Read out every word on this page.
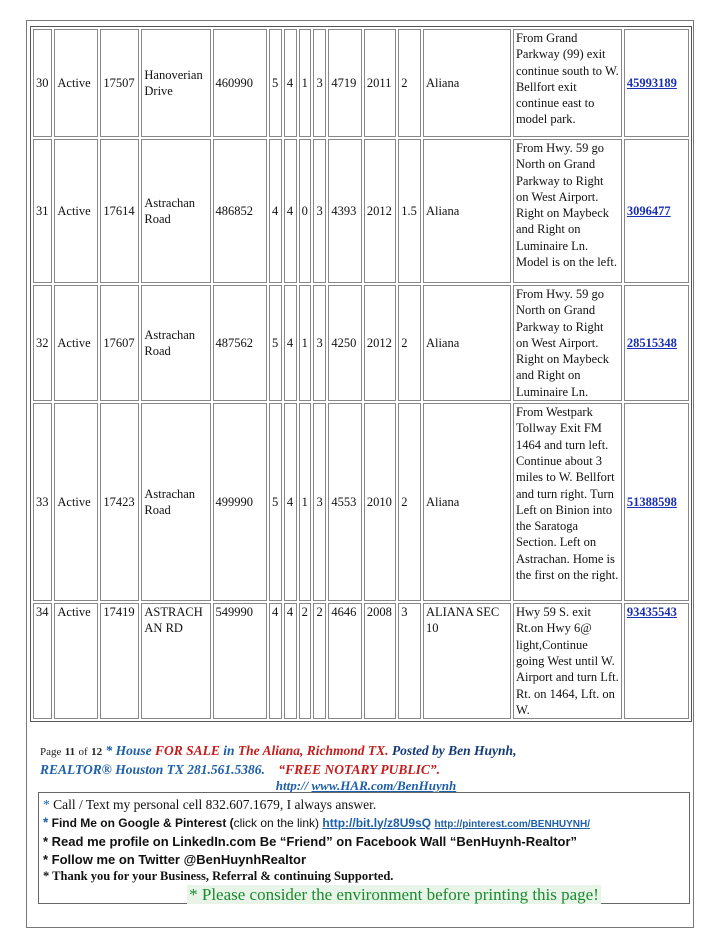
30	Active	17507	Hanoverian Drive	460990	5	4	1	3	4719	2011	2	Aliana	From Grand Parkway (99) exit continue south to W. Bellfort exit continue east to model park.	45993189
31	Active	17614	Astrachan Road	486852	4	4	0	3	4393	2012	1.5	Aliana	From Hwy. 59 go North on Grand Parkway to Right on West Airport. Right on Maybeck and Right on Luminaire Ln. Model is on the left.	3096477
32	Active	17607	Astrachan Road	487562	5	4	1	3	4250	2012	2	Aliana	From Hwy. 59 go North on Grand Parkway to Right on West Airport. Right on Maybeck and Right on Luminaire Ln.	28515348
33	Active	17423	Astrachan Road	499990	5	4	1	3	4553	2010	2	Aliana	From Westpark Tollway Exit FM 1464 and turn left. Continue about 3 miles to W. Bellfort and turn right. Turn Left on Binion into the Saratoga Section. Left on Astrachan. Home is the first on the right.	51388598
34	Active	17419	ASTRACH AN RD	549990	4	4	2	2	4646	2008	3	ALIANA SEC 10	Hwy 59 S. exit Rt.on Hwy 6@ light,Continue going West until W. Airport and turn Lft. Rt. on 1464, Lft. on W.	93435543
Page 11 of 12 * House FOR SALE in The Aliana, Richmond TX. Posted by Ben Huynh,
REALTOR® Houston TX 281.561.5386. “FREE NOTARY PUBLIC”.
http:// www.HAR.com/BenHuynh
* Call / Text my personal cell 832.607.1679, I always answer.
* Find Me on Google & Pinterest (click on the link) http://bit.ly/z8U9sQ http://pinterest.com/BENHUYNH/
* Read me profile on LinkedIn.com Be “Friend” on Facebook Wall “BenHuynh-Realtor”
* Follow me on Twitter @BenHuynhRealtor
* Thank you for your Business, Referral & continuing Supported.
* Please consider the environment before printing this page!
